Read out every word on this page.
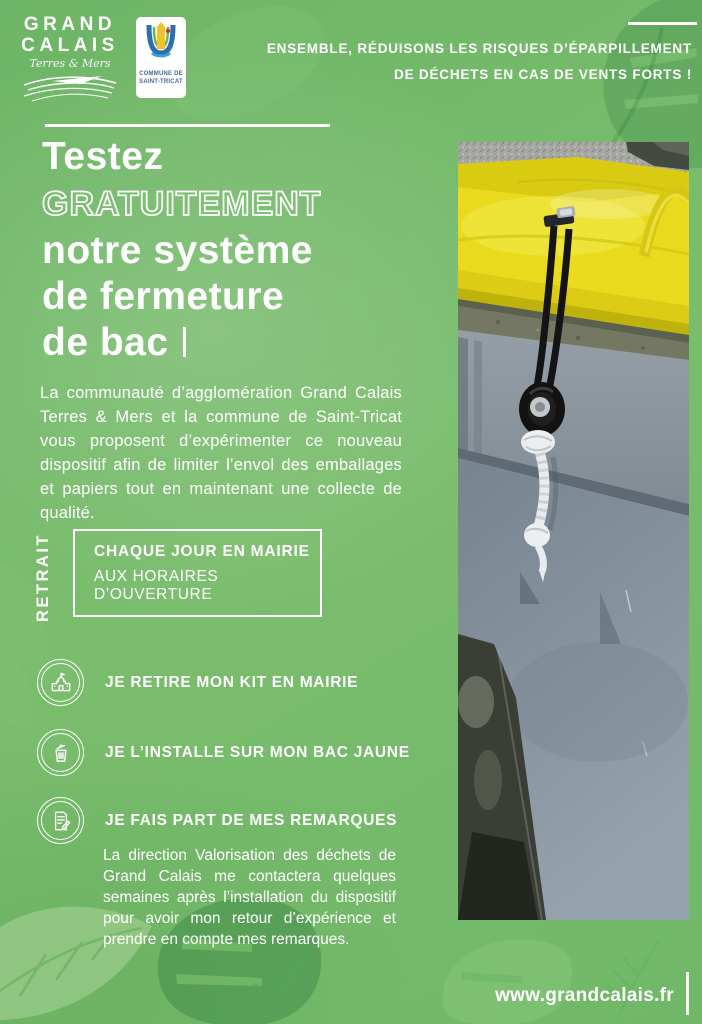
GRAND
CALAIS
Terres & Mers
COMMUNE DE
SAINT-TRICAT
ENSEMBLE, RÉDUISONS LES RISQUES D’ÉPARPILLEMENT
DE DÉCHETS EN CAS DE VENTS FORTS !
Testez
GRATUITEMENT
notre système
de fermeture
de bac

La communauté d’agglomération Grand Calais Terres & Mers et la commune de Saint-Tricat vous proposent d’expérimenter ce nouveau dispositif afin de limiter l’envol des emballages et papiers tout en maintenant une collecte de qualité.

RETRAIT	CHAQUE JOUR EN MAIRIE
AUX HORAIRES D’OUVERTURE
JE RETIRE MON KIT EN MAIRIE
JE L’INSTALLE SUR MON BAC JAUNE
JE FAIS PART DE MES REMARQUES

La direction Valorisation des déchets de Grand Calais me contactera quelques semaines après l’installation du dispositif pour avoir mon retour d’expérience et prendre en compte mes remarques.

www.grandcalais.fr
